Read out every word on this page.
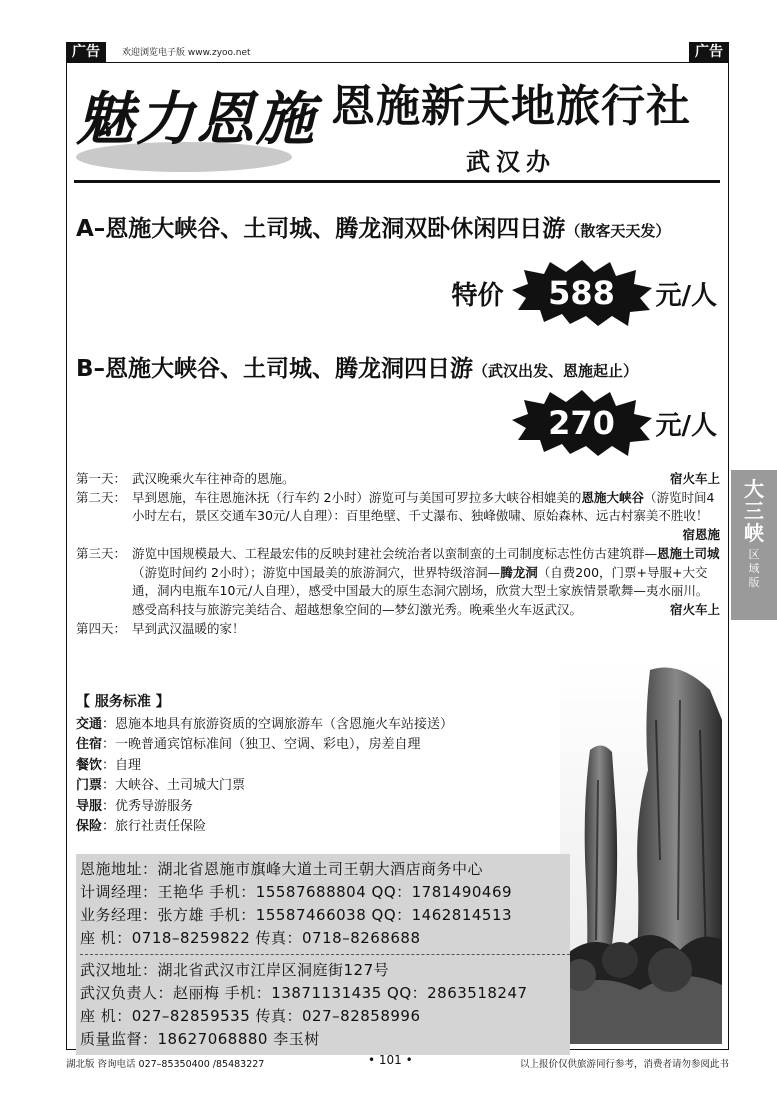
广告	欢迎浏览电子版 www.zyoo.net	广告
魅力恩施 恩施新天地旅行社
武汉办
A–恩施大峡谷、土司城、腾龙洞双卧休闲四日游（散客天天发）
特价	588	元/人
B–恩施大峡谷、土司城、腾龙洞四日游（武汉出发、恩施起止）
270	元/人
第一天：	宿火车上
武汉晚乘火车往神奇的恩施。
第二天： 早到恩施，车往恩施沐抚（行车约 2小时）游览可与美国可罗拉多大峡谷相媲美的恩施大峡谷（游览时间4小时左右，景区交通车30元/人自理）：百里绝壁、千丈瀑布、独峰傲啸、原始森林、远古村寨美不胜收！
宿恩施
第三天： 游览中国规模最大、工程最宏伟的反映封建社会统治者以蛮制蛮的土司制度标志性仿古建筑群—恩施土司城（游览时间约 2小时）；游览中国最美的旅游洞穴，世界特级溶洞—腾龙洞（自费200，门票+导服+大交通，洞内电瓶车10元/人自理），感受中国最大的原生态洞穴剧场，欣赏大型土家族情景歌舞—夷水丽川。感受高科技与旅游完美结合、超越想象空间的—梦幻激光秀。晚乘坐火车返武汉。	宿火车上
第四天： 早到武汉温暖的家！
【 服务标准 】
交通：恩施本地具有旅游资质的空调旅游车（含恩施火车站接送）
住宿：一晚普通宾馆标准间（独卫、空调、彩电），房差自理
餐饮：自理
门票：大峡谷、土司城大门票
导服：优秀导游服务
保险：旅行社责任保险
恩施地址：湖北省恩施市旗峰大道土司王朝大酒店商务中心
计调经理：王艳华 手机：15587688804 QQ：1781490469
业务经理：张方雄 手机：15587466038 QQ：1462814513
座 机：0718–8259822 传真：0718–8268688
武汉地址：湖北省武汉市江岸区洞庭街127号
武汉负责人：赵丽梅 手机：13871131435 QQ：2863518247
座 机：027–82859535 传真：027–82858996
质量监督：18627068880 李玉树
大
三
峡
区
域
版
湖北版 咨询电话 027–85350400 /85483227	• 101 •	以上报价仅供旅游同行参考，消费者请勿参阅此书
